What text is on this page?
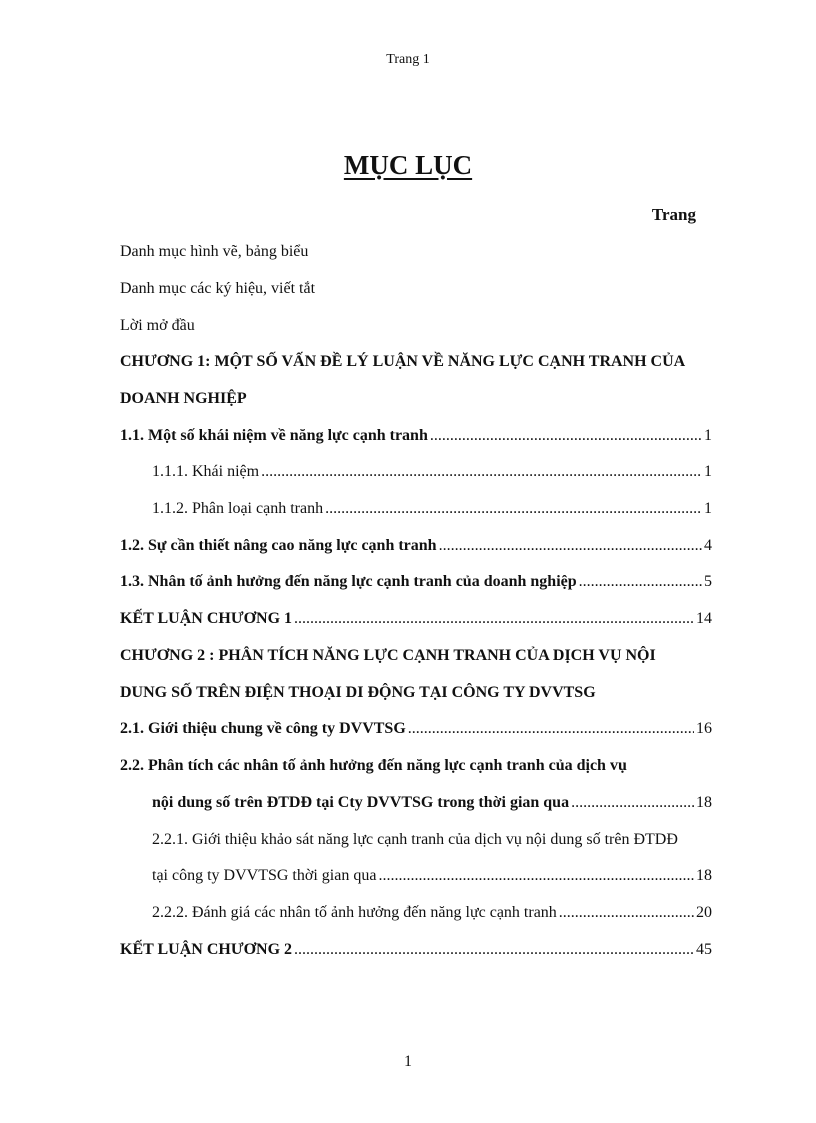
Trang 1
MỤC LỤC
Trang
Danh mục hình vẽ, bảng biểu
Danh mục các ký hiệu, viết tắt
Lời mở đầu
CHƯƠNG 1: MỘT SỐ VẤN ĐỀ LÝ LUẬN VỀ NĂNG LỰC CẠNH TRANH CỦA
DOANH NGHIỆP
1.1. Một số khái niệm về năng lực cạnh tranh .....	1
1.1.1. Khái niệm .....	1
1.1.2. Phân loại cạnh tranh .....	1
1.2. Sự cần thiết nâng cao năng lực cạnh tranh .....	4
1.3. Nhân tố ảnh hưởng đến năng lực cạnh tranh của doanh nghiệp .....	5
KẾT LUẬN CHƯƠNG 1 .....	14
CHƯƠNG 2 : PHÂN TÍCH NĂNG LỰC CẠNH TRANH CỦA DỊCH VỤ NỘI
DUNG SỐ TRÊN ĐIỆN THOẠI DI ĐỘNG TẠI CÔNG TY DVVTSG
2.1. Giới thiệu chung về công ty DVVTSG .....	16
2.2. Phân tích các nhân tố ảnh hưởng đến năng lực cạnh tranh của dịch vụ
nội dung số trên ĐTDĐ tại Cty DVVTSG trong thời gian qua .....	18
2.2.1. Giới thiệu khảo sát năng lực cạnh tranh của dịch vụ nội dung số trên ĐTDĐ
tại công ty DVVTSG thời gian qua .....	18
2.2.2. Đánh giá các nhân tố ảnh hưởng đến năng lực cạnh tranh .....	20
KẾT LUẬN CHƯƠNG 2 .....	45
1
